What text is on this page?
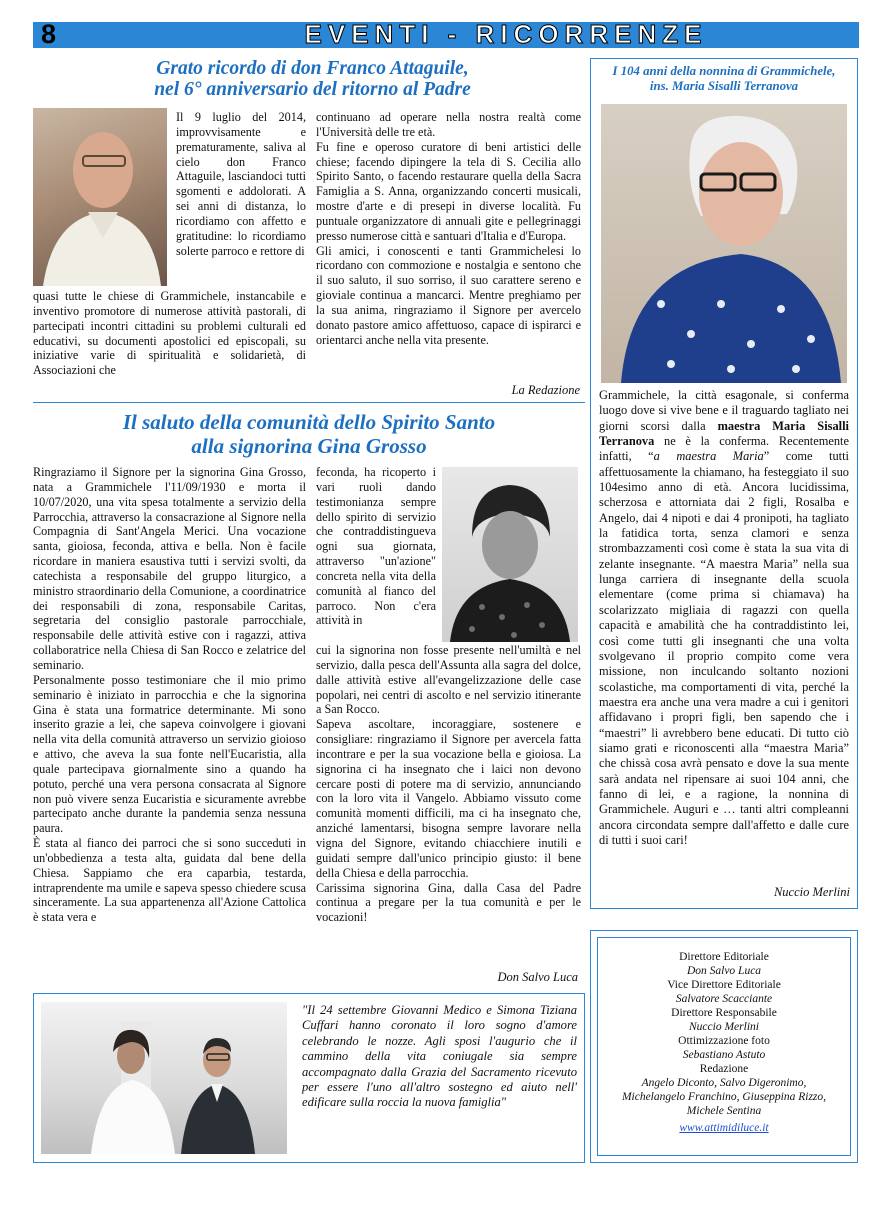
8	EVENTI - RICORRENZE
Grato ricordo di don Franco Attaguile,
nel 6° anniversario del ritorno al Padre
Il 9 luglio del 2014, improvvisamente e prematuramente, saliva al cielo don Franco Attaguile, lasciandoci tutti sgomenti e addolorati. A sei anni di distanza, lo ricordiamo con affetto e gratitudine: lo ricordiamo solerte parroco e rettore di
quasi tutte le chiese di Grammichele, instancabile e inventivo promotore di numerose attività pastorali, di partecipati incontri cittadini su problemi culturali ed educativi, su documenti apostolici ed episcopali, su iniziative varie di spiritualità e solidarietà, di Associazioni che

continuano ad operare nella nostra realtà come l'Università delle tre età.

Fu fine e operoso curatore di beni artistici delle chiese; facendo dipingere la tela di S. Cecilia allo Spirito Santo, o facendo restaurare quella della Sacra Famiglia a S. Anna, organizzando concerti musicali, mostre d'arte e di presepi in diverse località. Fu puntuale organizzatore di annuali gite e pellegrinaggi presso numerose città e santuari d'Italia e d'Europa.

Gli amici, i conoscenti e tanti Grammichelesi lo ricordano con commozione e nostalgia e sentono che il suo saluto, il suo sorriso, il suo carattere sereno e gioviale continua a mancarci. Mentre preghiamo per la sua anima, ringraziamo il Signore per avercelo donato pastore amico affettuoso, capace di ispirarci e orientarci anche nella vita presente.

La Redazione
Il saluto della comunità dello Spirito Santo
alla signorina Gina Grosso

Ringraziamo il Signore per la signorina Gina Grosso, nata a Grammichele l'11/09/1930 e morta il 10/07/2020, una vita spesa totalmente a servizio della Parrocchia, attraverso la consacrazione al Signore nella Compagnia di Sant'Angela Merici. Una vocazione santa, gioiosa, feconda, attiva e bella. Non è facile ricordare in maniera esaustiva tutti i servizi svolti, da catechista a responsabile del gruppo liturgico, a ministro straordinario della Comunione, a coordinatrice dei responsabili di zona, responsabile Caritas, segretaria del consiglio pastorale parrocchiale, responsabile delle attività estive con i ragazzi, attiva collaboratrice nella Chiesa di San Rocco e zelatrice del seminario.

Personalmente posso testimoniare che il mio primo seminario è iniziato in parrocchia e che la signorina Gina è stata una formatrice determinante. Mi sono inserito grazie a lei, che sapeva coinvolgere i giovani nella vita della comunità attraverso un servizio gioioso e attivo, che aveva la sua fonte nell'Eucaristia, alla quale partecipava giornalmente sino a quando ha potuto, perché una vera persona consacrata al Signore non può vivere senza Eucaristia e sicuramente avrebbe partecipato anche durante la pandemia senza nessuna paura.

È stata al fianco dei parroci che si sono succeduti in un'obbedienza a testa alta, guidata dal bene della Chiesa. Sappiamo che era caparbia, testarda, intraprendente ma umile e sapeva spesso chiedere scusa sinceramente. La sua appartenenza all'Azione Cattolica è stata vera e

feconda, ha ricoperto i vari ruoli dando testimonianza sempre dello spirito di servizio che contraddistingueva ogni sua giornata, attraverso "un'azione" concreta nella vita della comunità al fianco del parroco. Non c'era attività in

cui la signorina non fosse presente nell'umiltà e nel servizio, dalla pesca dell'Assunta alla sagra del dolce, dalle attività estive all'evangelizzazione delle case popolari, nei centri di ascolto e nel servizio itinerante a San Rocco.

Sapeva ascoltare, incoraggiare, sostenere e consigliare: ringraziamo il Signore per avercela fatta incontrare e per la sua vocazione bella e gioiosa. La signorina ci ha insegnato che i laici non devono cercare posti di potere ma di servizio, annunciando con la loro vita il Vangelo. Abbiamo vissuto come comunità momenti difficili, ma ci ha insegnato che, anziché lamentarsi, bisogna sempre lavorare nella vigna del Signore, evitando chiacchiere inutili e guidati sempre dall'unico principio giusto: il bene della Chiesa e della parrocchia.

Carissima signorina Gina, dalla Casa del Padre continua a pregare per la tua comunità e per le vocazioni!

Don Salvo Luca
"Il 24 settembre Giovanni Medico e Simona Tiziana Cuffari hanno coronato il loro sogno d'amore celebrando le nozze. Agli sposi l'augurio che il cammino della vita coniugale sia sempre accompagnato dalla Grazia del Sacramento ricevuto per essere l'uno all'altro sostegno ed aiuto nell' edificare sulla roccia la nuova famiglia"
I 104 anni della nonnina di Grammichele,
ins. Maria Sisalli Terranova
Grammichele, la città esagonale, si conferma luogo dove si vive bene e il traguardo tagliato nei giorni scorsi dalla maestra Maria Sisalli Terranova ne è la conferma. Recentemente infatti, “a maestra Maria” come tutti affettuosamente la chiamano, ha festeggiato il suo 104esimo anno di età. Ancora lucidissima, scherzosa e attorniata dai 2 figli, Rosalba e Angelo, dai 4 nipoti e dai 4 pronipoti, ha tagliato la fatidica torta, senza clamori e senza strombazzamenti così come è stata la sua vita di zelante insegnante. “A maestra Maria” nella sua lunga carriera di insegnante della scuola elementare (come prima si chiamava) ha scolarizzato migliaia di ragazzi con quella capacità e amabilità che ha contraddistinto lei, così come tutti gli insegnanti che una volta svolgevano il proprio compito come vera missione, non inculcando soltanto nozioni scolastiche, ma comportamenti di vita, perché la maestra era anche una vera madre a cui i genitori affidavano i propri figli, ben sapendo che i “maestri” li avrebbero bene educati. Di tutto ciò siamo grati e riconoscenti alla “maestra Maria” che chissà cosa avrà pensato e dove la sua mente sarà andata nel ripensare ai suoi 104 anni, che fanno di lei, e a ragione, la nonnina di Grammichele. Auguri e … tanti altri compleanni ancora circondata sempre dall'affetto e dalle cure di tutti i suoi cari!
Nuccio Merlini
Direttore Editoriale
Don Salvo Luca
Vice Direttore Editoriale
Salvatore Scacciante
Direttore Responsabile
Nuccio Merlini
Ottimizzazione foto
Sebastiano Astuto
Redazione
Angelo Diconto, Salvo Digeronimo,
Michelangelo Franchino, Giuseppina Rizzo,
Michele Sentina
www.attimidiluce.it
